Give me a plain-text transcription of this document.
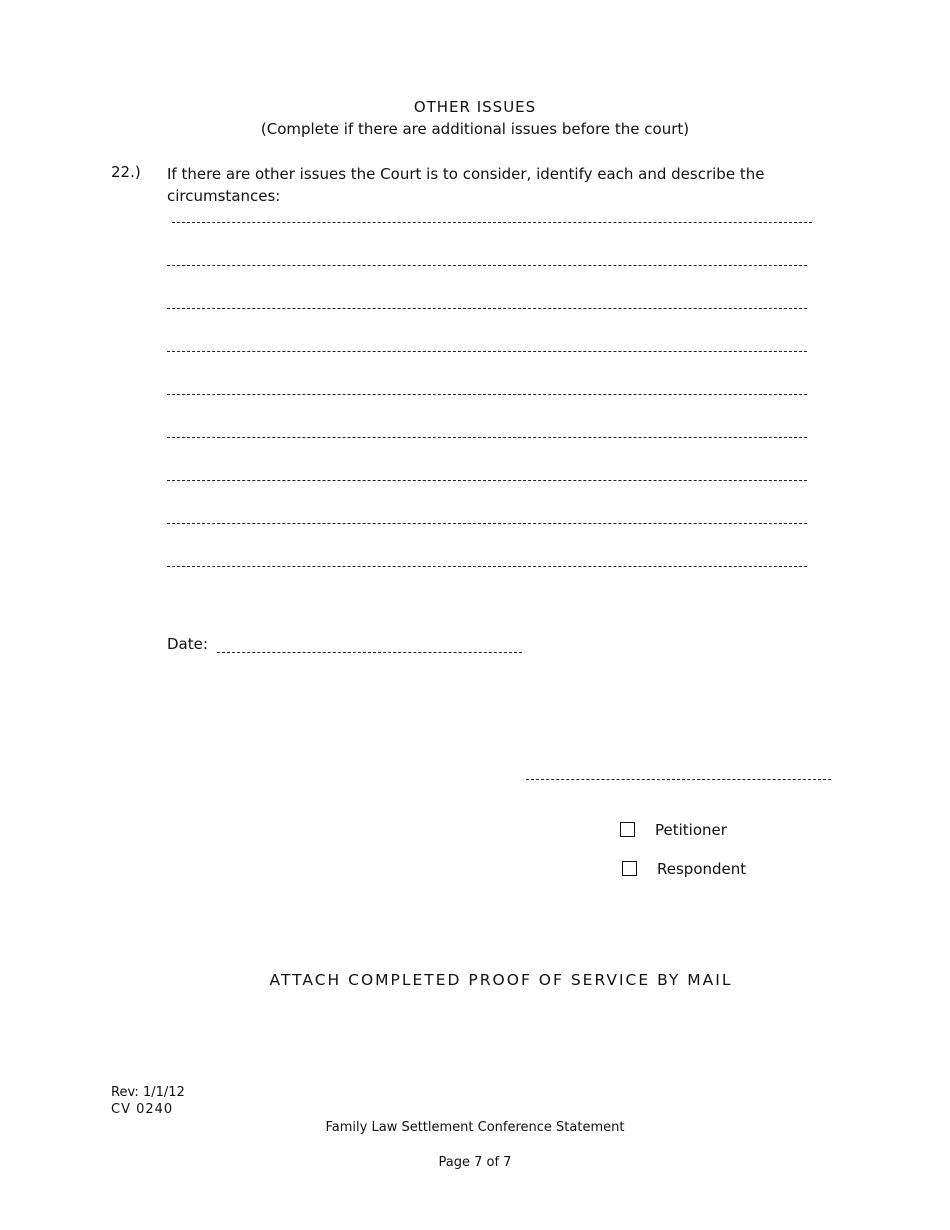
OTHER ISSUES
(Complete if there are additional issues before the court)
22.) If there are other issues the Court is to consider, identify each and describe the circumstances:
Date:
Petitioner
Respondent
ATTACH COMPLETED PROOF OF SERVICE BY MAIL
Rev: 1/1/12
CV 0240
Family Law Settlement Conference Statement
Page 7 of 7
